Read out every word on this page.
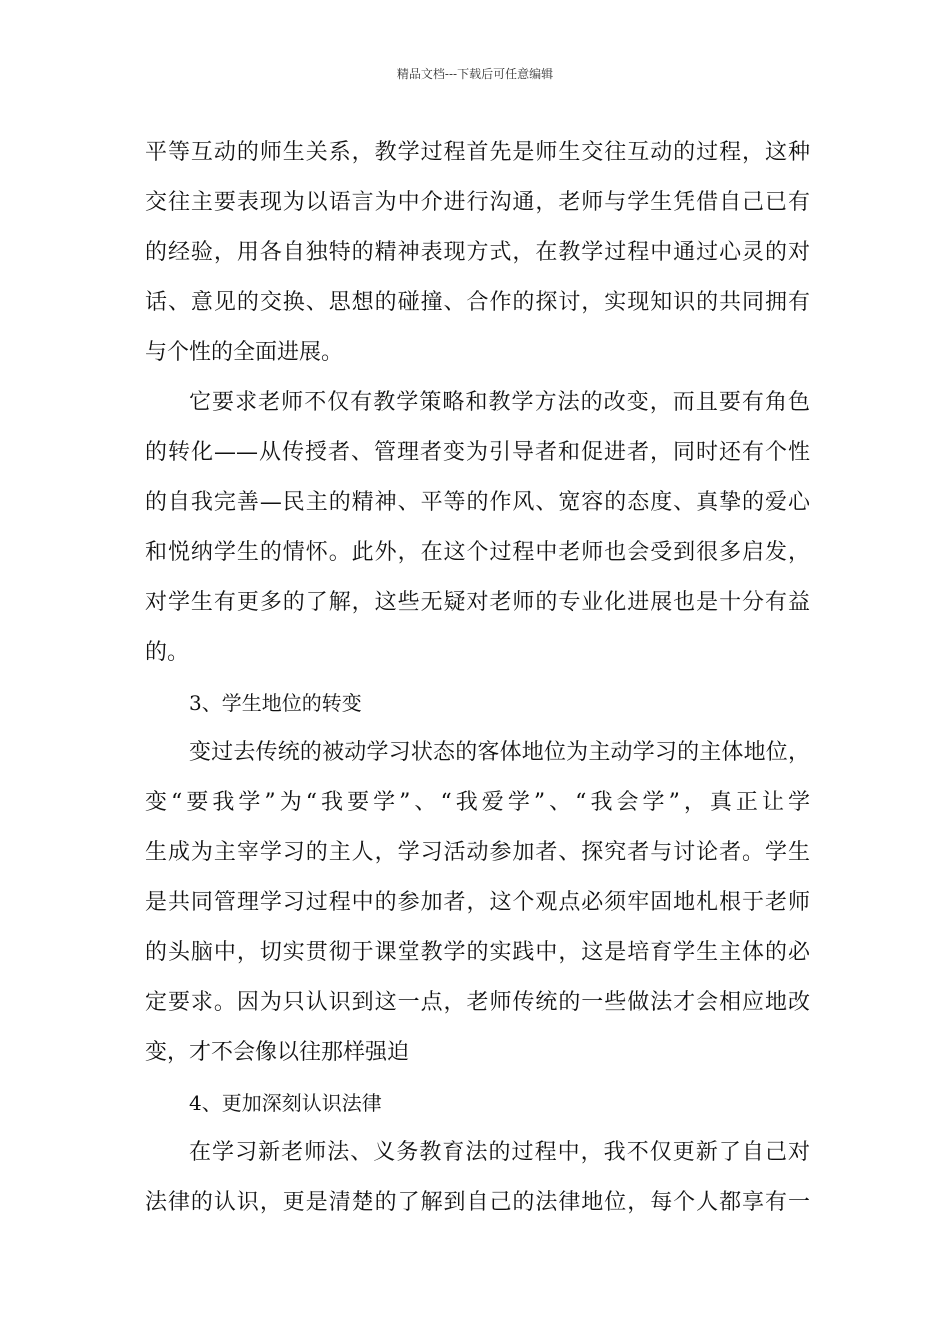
精品文档---下载后可任意编辑
平等互动的师生关系，教学过程首先是师生交往互动的过程，这种
交往主要表现为以语言为中介进行沟通，老师与学生凭借自己已有
的经验，用各自独特的精神表现方式，在教学过程中通过心灵的对
话、意见的交换、思想的碰撞、合作的探讨，实现知识的共同拥有
与个性的全面进展。
它要求老师不仅有教学策略和教学方法的改变，而且要有角色
的转化——从传授者、管理者变为引导者和促进者，同时还有个性
的自我完善—民主的精神、平等的作风、宽容的态度、真挚的爱心
和悦纳学生的情怀。此外，在这个过程中老师也会受到很多启发，
对学生有更多的了解，这些无疑对老师的专业化进展也是十分有益
的。
3、学生地位的转变
变过去传统的被动学习状态的客体地位为主动学习的主体地位，
变“要我学”为“我要学”、“我爱学”、“我会学”，真正让学
生成为主宰学习的主人，学习活动参加者、探究者与讨论者。学生
是共同管理学习过程中的参加者，这个观点必须牢固地札根于老师
的头脑中，切实贯彻于课堂教学的实践中，这是培育学生主体的必
定要求。因为只认识到这一点，老师传统的一些做法才会相应地改
变，才不会像以往那样强迫
4、更加深刻认识法律
在学习新老师法、义务教育法的过程中，我不仅更新了自己对
法律的认识，更是清楚的了解到自己的法律地位，每个人都享有一
